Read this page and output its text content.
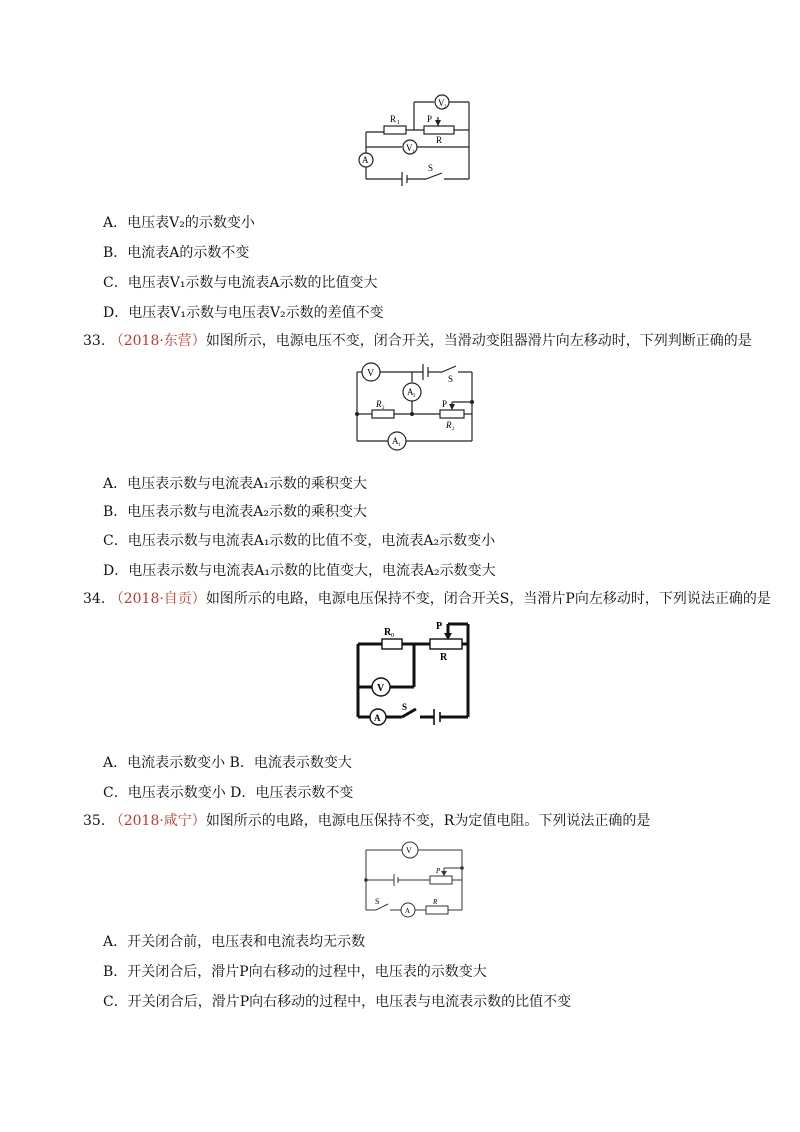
R 1	P
R
V 2
V 1
A
S
A．电压表V₂的示数变小
B．电流表A的示数不变
C．电压表V₁示数与电流表A示数的比值变大
D．电压表V₁示数与电压表V₂示数的差值不变
33. （2018·东营）如图所示，电源电压不变，闭合开关，当滑动变阻器滑片向左移动时，下列判断正确的是
V
A 2
S
R 2	P
R 2
A 1
A．电压表示数与电流表A₁示数的乘积变大
B．电压表示数与电流表A₂示数的乘积变大
C．电压表示数与电流表A₁示数的比值不变，电流表A₂示数变小
D．电压表示数与电流表A₁示数的比值变大，电流表A₂示数变大
34. （2018·自贡）如图所示的电路，电源电压保持不变，闭合开关S，当滑片P向左移动时，下列说法正确的是
R 0
P
R
V
A
S
A．电流表示数变小 B．电流表示数变大
C．电压表示数变小 D．电压表示数不变
35. （2018·咸宁）如图所示的电路，电源电压保持不变，R为定值电阻。下列说法正确的是
V
P
S
A
R
A．开关闭合前，电压表和电流表均无示数
B．开关闭合后，滑片P向右移动的过程中，电压表的示数变大
C．开关闭合后，滑片P向右移动的过程中，电压表与电流表示数的比值不变
